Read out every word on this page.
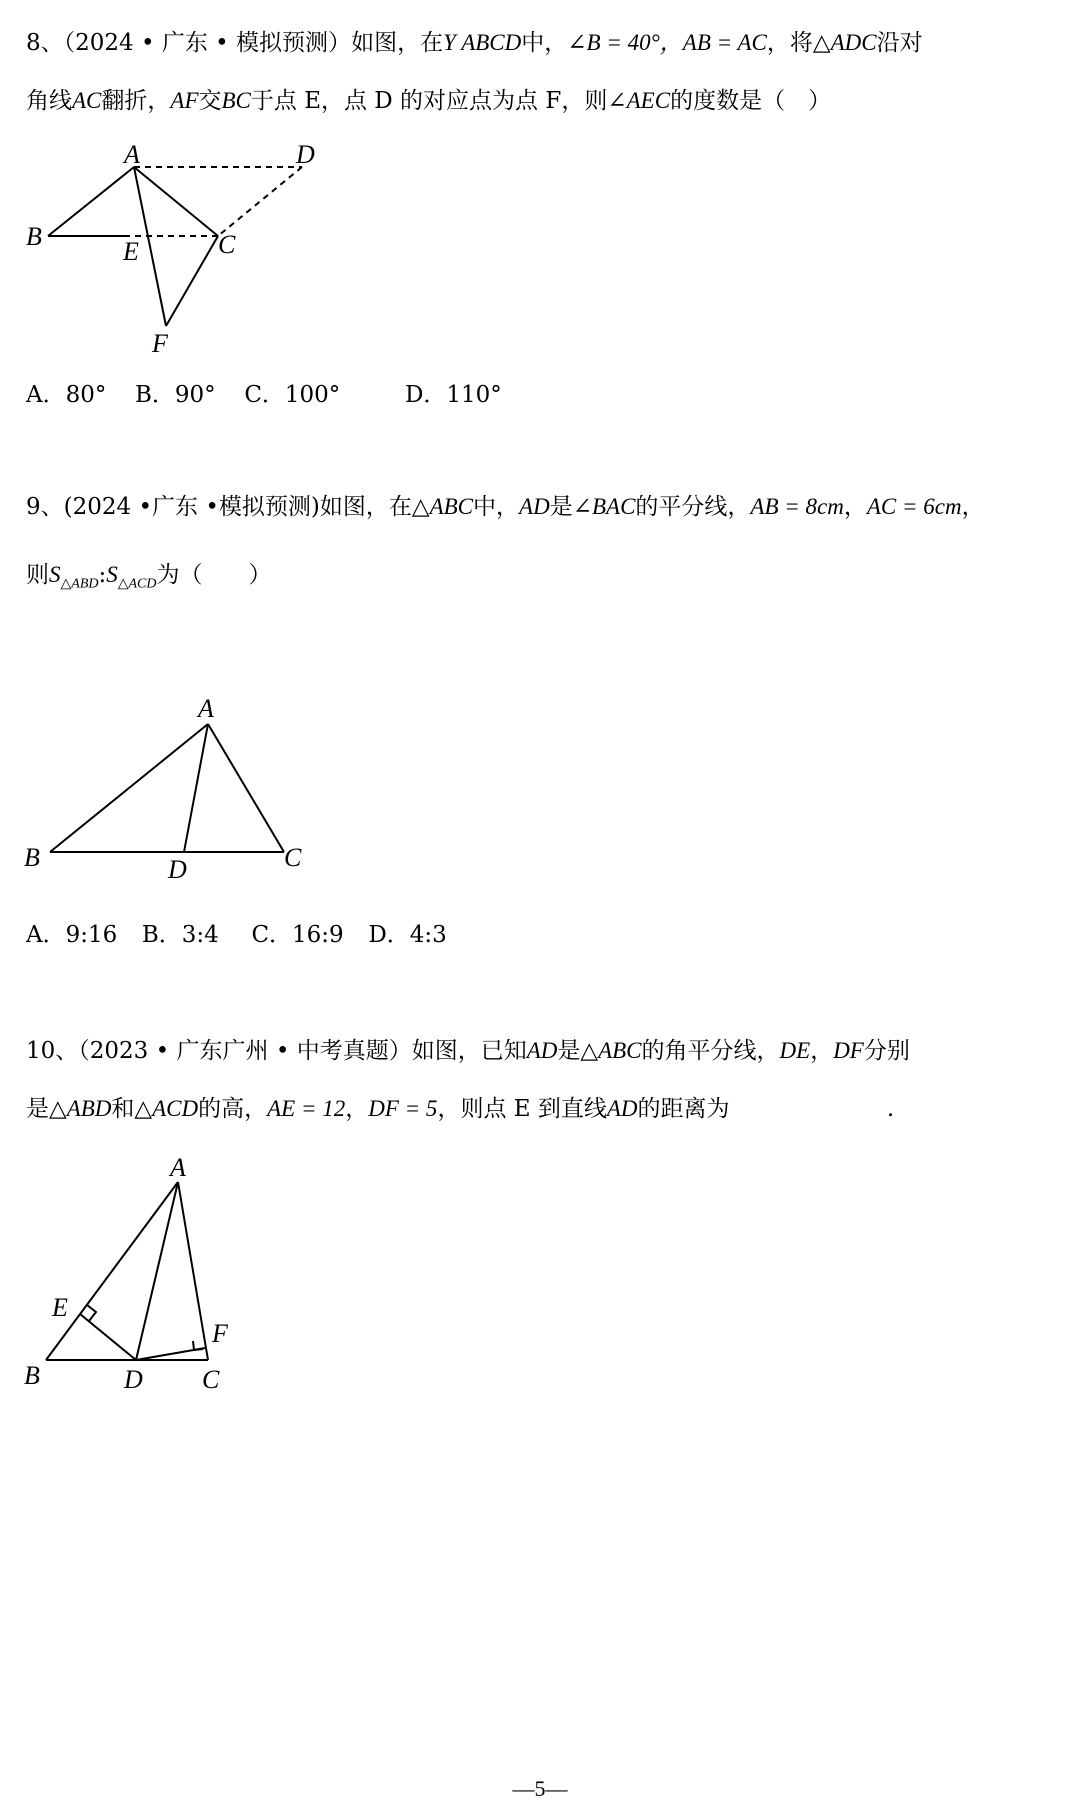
8、（2024 • 广东 • 模拟预测）如图，在Y ABCD中，∠B = 40°，AB = AC，将△ADC沿对
角线AC翻折，AF交BC于点 E，点 D 的对应点为点 F，则∠AEC的度数是（　）
A	D
B
E	C
F
A．80° B．90° C．100°	D．110°
9、(2024 •广东 •模拟预测)如图，在△ABC中，AD是∠BAC的平分线，AB = 8cm，AC = 6cm，
则$S_{\triangle ABD}:S_{\triangle ACD}$为（　　）
A
B	D	C
A．9:16 B．3:4 C．16:9 D．4:3
10、（2023 • 广东广州 • 中考真题）如图，已知AD是△ABC的角平分线，DE，DF分别
是△ABD和△ACD的高，AE = 12，DF = 5，则点 E 到直线AD的距离为	.
A
E
F
B	D C
—5—
